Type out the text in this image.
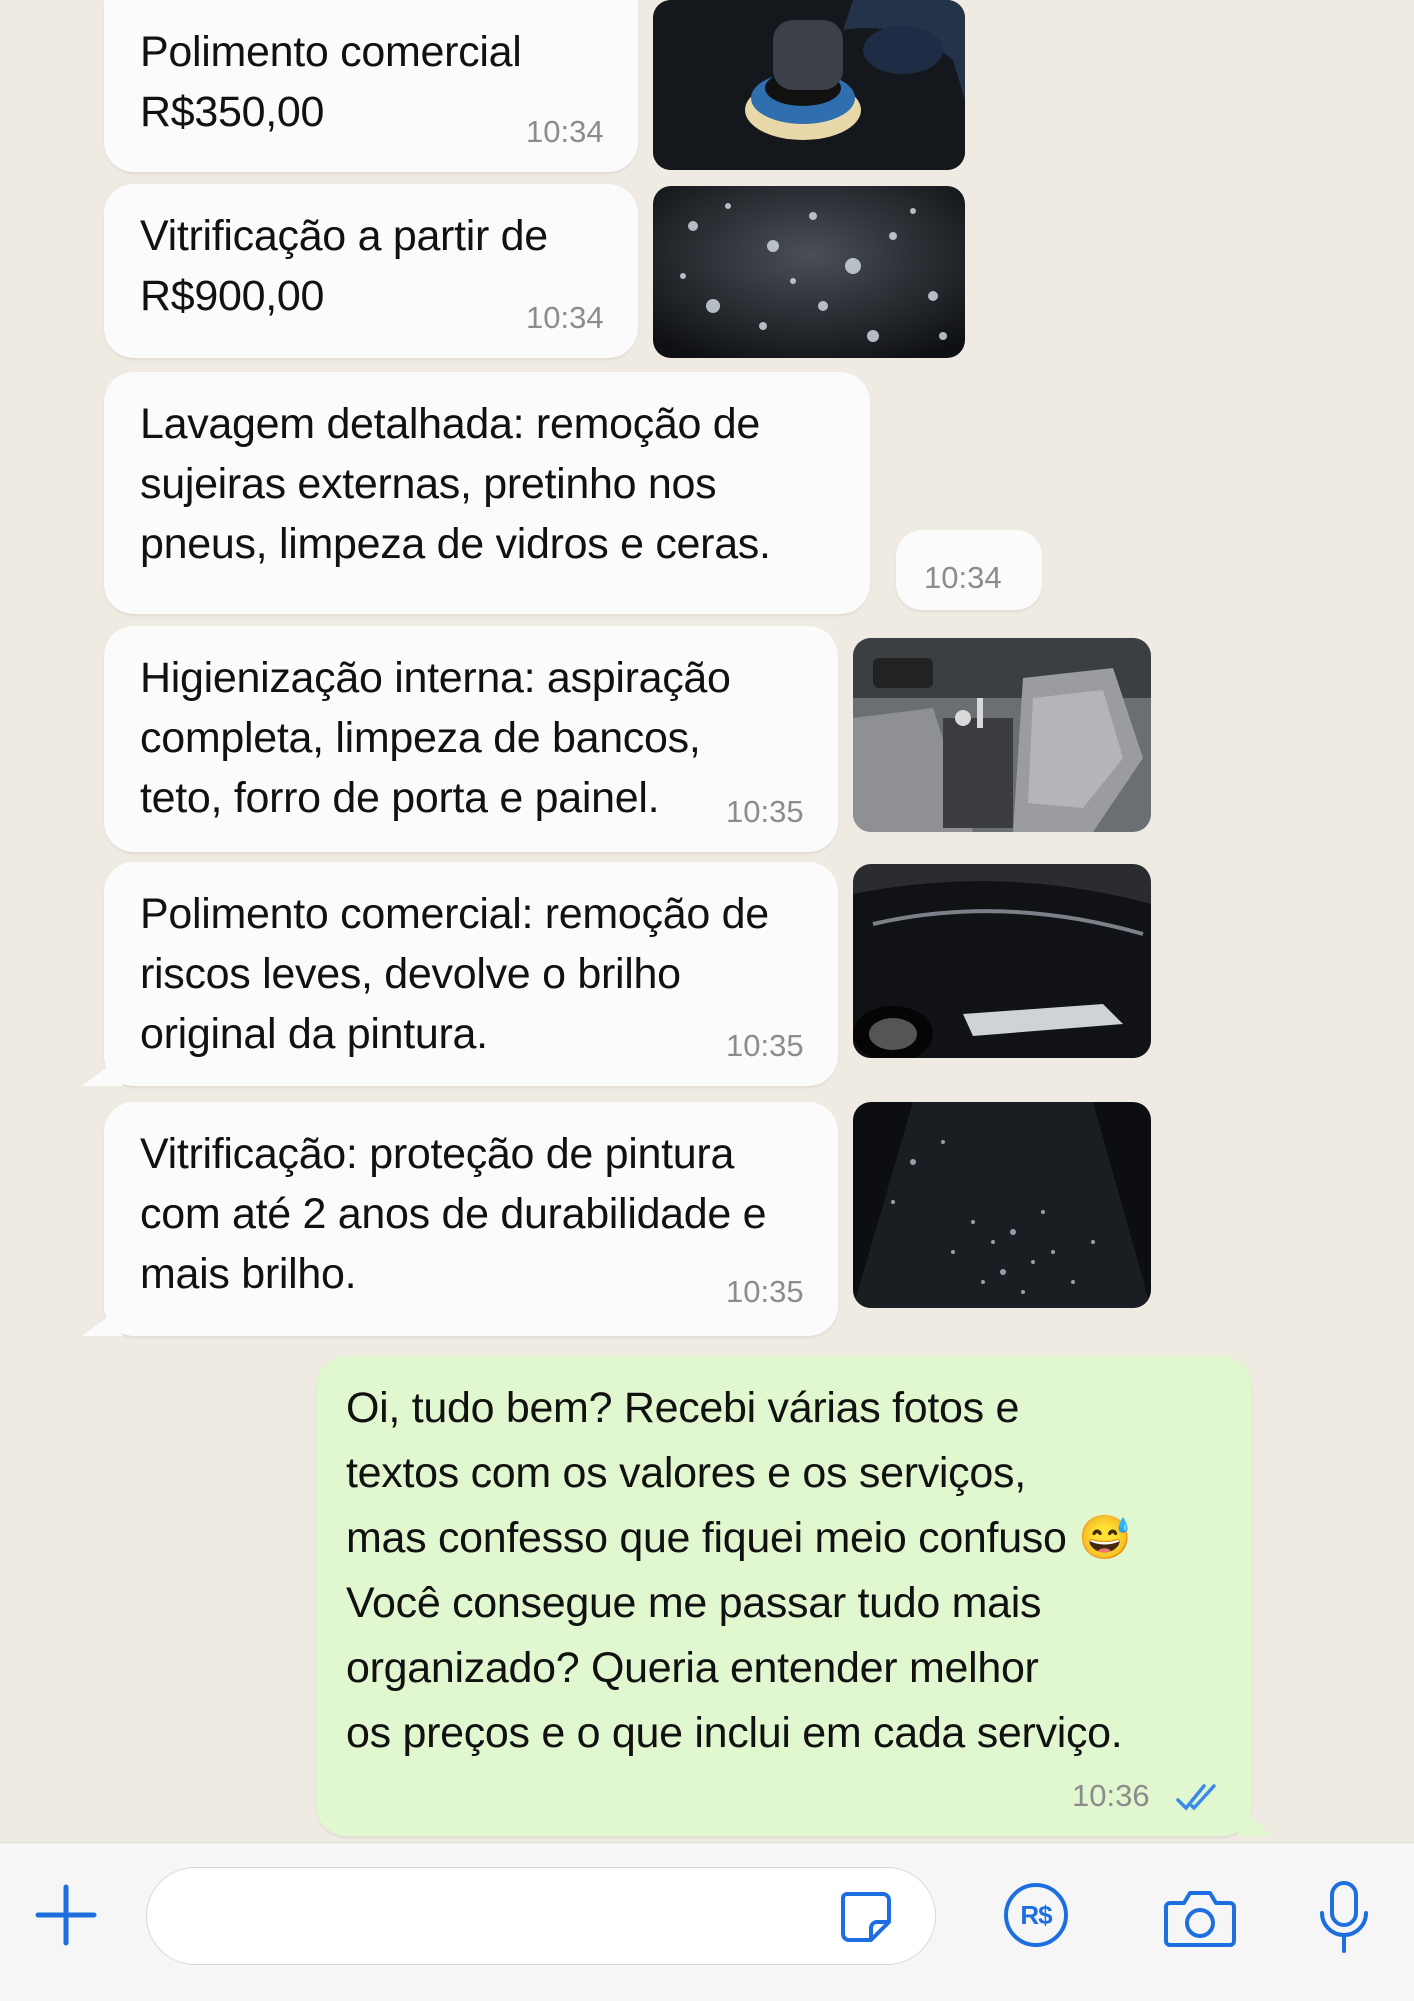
Polimento comercial
R$350,00	10:34
Vitrificação a partir de
R$900,00	10:34
Lavagem detalhada: remoção de
sujeiras externas, pretinho nos
pneus, limpeza de vidros e ceras.
10:34
Higienização interna: aspiração
completa, limpeza de bancos,
teto, forro de porta e painel.	10:35
Polimento comercial: remoção de
riscos leves, devolve o brilho
original da pintura.	10:35
Vitrificação: proteção de pintura
com até 2 anos de durabilidade e
mais brilho.	10:35
Oi, tudo bem? Recebi várias fotos e
textos com os valores e os serviços,
mas confesso que fiquei meio confuso 😅
Você consegue me passar tudo mais
organizado? Queria entender melhor
os preços e o que inclui em cada serviço.
10:36
R$
